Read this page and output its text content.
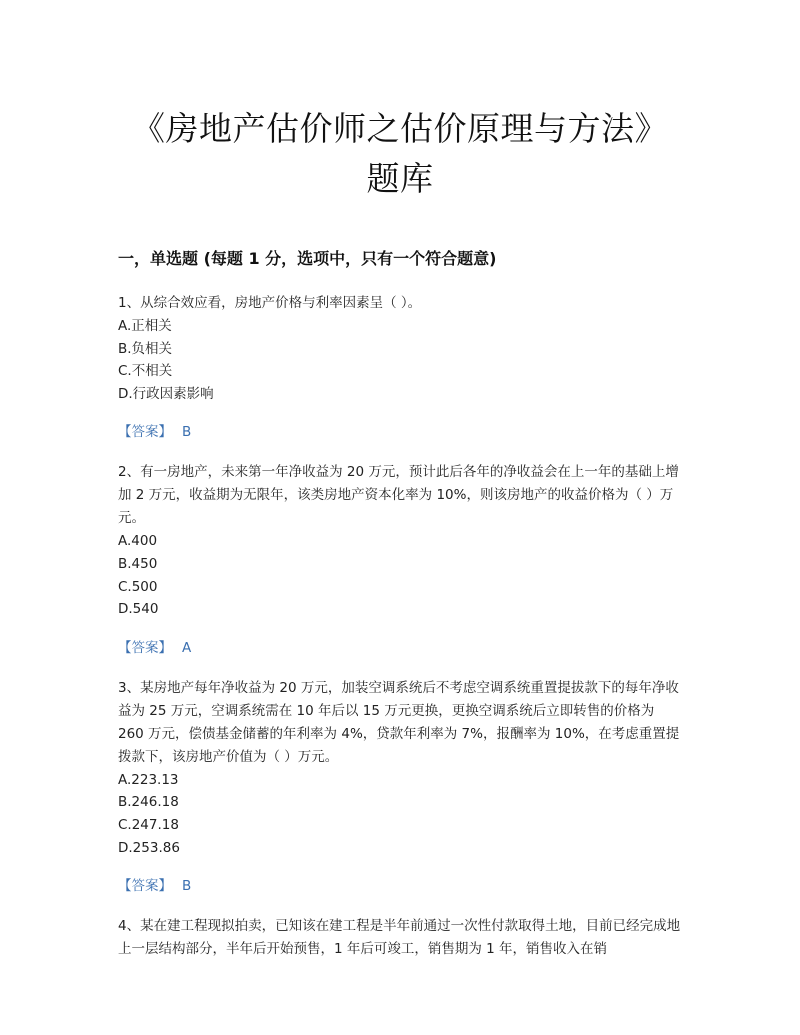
《房地产估价师之估价原理与方法》
题库
一，单选题 (每题 1 分，选项中，只有一个符合题意)
1、从综合效应看，房地产价格与利率因素呈（ ）。
A.正相关
B.负相关
C.不相关
D.行政因素影响
【答案】 B
2、有一房地产，未来第一年净收益为 20 万元，预计此后各年的净收益会在上一年的基础上增加 2 万元，收益期为无限年，该类房地产资本化率为 10%，则该房地产的收益价格为（ ）万元。
A.400
B.450
C.500
D.540
【答案】 A
3、某房地产每年净收益为 20 万元，加装空调系统后不考虑空调系统重置提拔款下的每年净收益为 25 万元，空调系统需在 10 年后以 15 万元更换，更换空调系统后立即转售的价格为 260 万元，偿债基金储蓄的年利率为 4%，贷款年利率为 7%，报酬率为 10%，在考虑重置提拨款下，该房地产价值为（ ）万元。
A.223.13
B.246.18
C.247.18
D.253.86
【答案】 B
4、某在建工程现拟拍卖，已知该在建工程是半年前通过一次性付款取得土地，目前已经完成地上一层结构部分，半年后开始预售，1 年后可竣工，销售期为 1 年，销售收入在销
